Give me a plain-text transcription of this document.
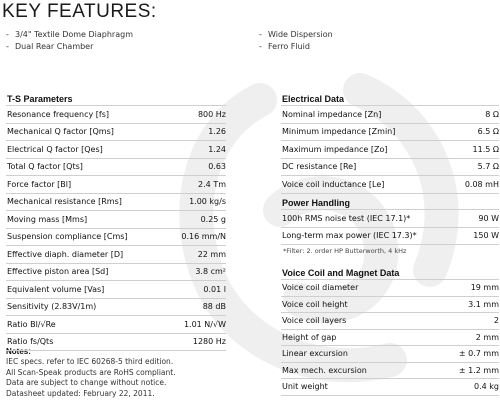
KEY FEATURES:
- 3/4" Textile Dome Diaphragm
- Dual Rear Chamber
- Wide Dispersion
- Ferro Fluid
T-S Parameters
Resonance frequency [fs]	800 Hz
Mechanical Q factor [Qms]	1.26
Electrical Q factor [Qes]	1.24
Total Q factor [Qts]	0.63
Force factor [Bl]	2.4 Tm
Mechanical resistance [Rms]	1.00 kg/s
Moving mass [Mms]	0.25 g
Suspension compliance [Cms]	0.16 mm/N
Effective diaph. diameter [D]	22 mm
Effective piston area [Sd]	3.8 cm²
Equivalent volume [Vas]	0.01 l
Sensitivity (2.83V/1m)	88 dB
Ratio Bl/√Re	1.01 N/√W
Ratio fs/Qts	1280 Hz
Electrical Data
Nominal impedance [Zn]	8 Ω
Minimum impedance [Zmin]	6.5 Ω
Maximum impedance [Zo]	11.5 Ω
DC resistance [Re]	5.7 Ω
Voice coil inductance [Le]	0.08 mH
Power Handling
100h RMS noise test (IEC 17.1)*	90 W
Long-term max power (IEC 17.3)*	150 W
*Filter: 2. order HP Butterworth, 4 kHz
Voice Coil and Magnet Data
Voice coil diameter	19 mm
Voice coil height	3.1 mm
Voice coil layers	2
Height of gap	2 mm
Linear excursion	± 0.7 mm
Max mech. excursion	± 1.2 mm
Unit weight	0.4 kg
Notes:
IEC specs. refer to IEC 60268-5 third edition.
All Scan-Speak products are RoHS compliant.
Data are subject to change without notice.
Datasheet updated: February 22, 2011.
